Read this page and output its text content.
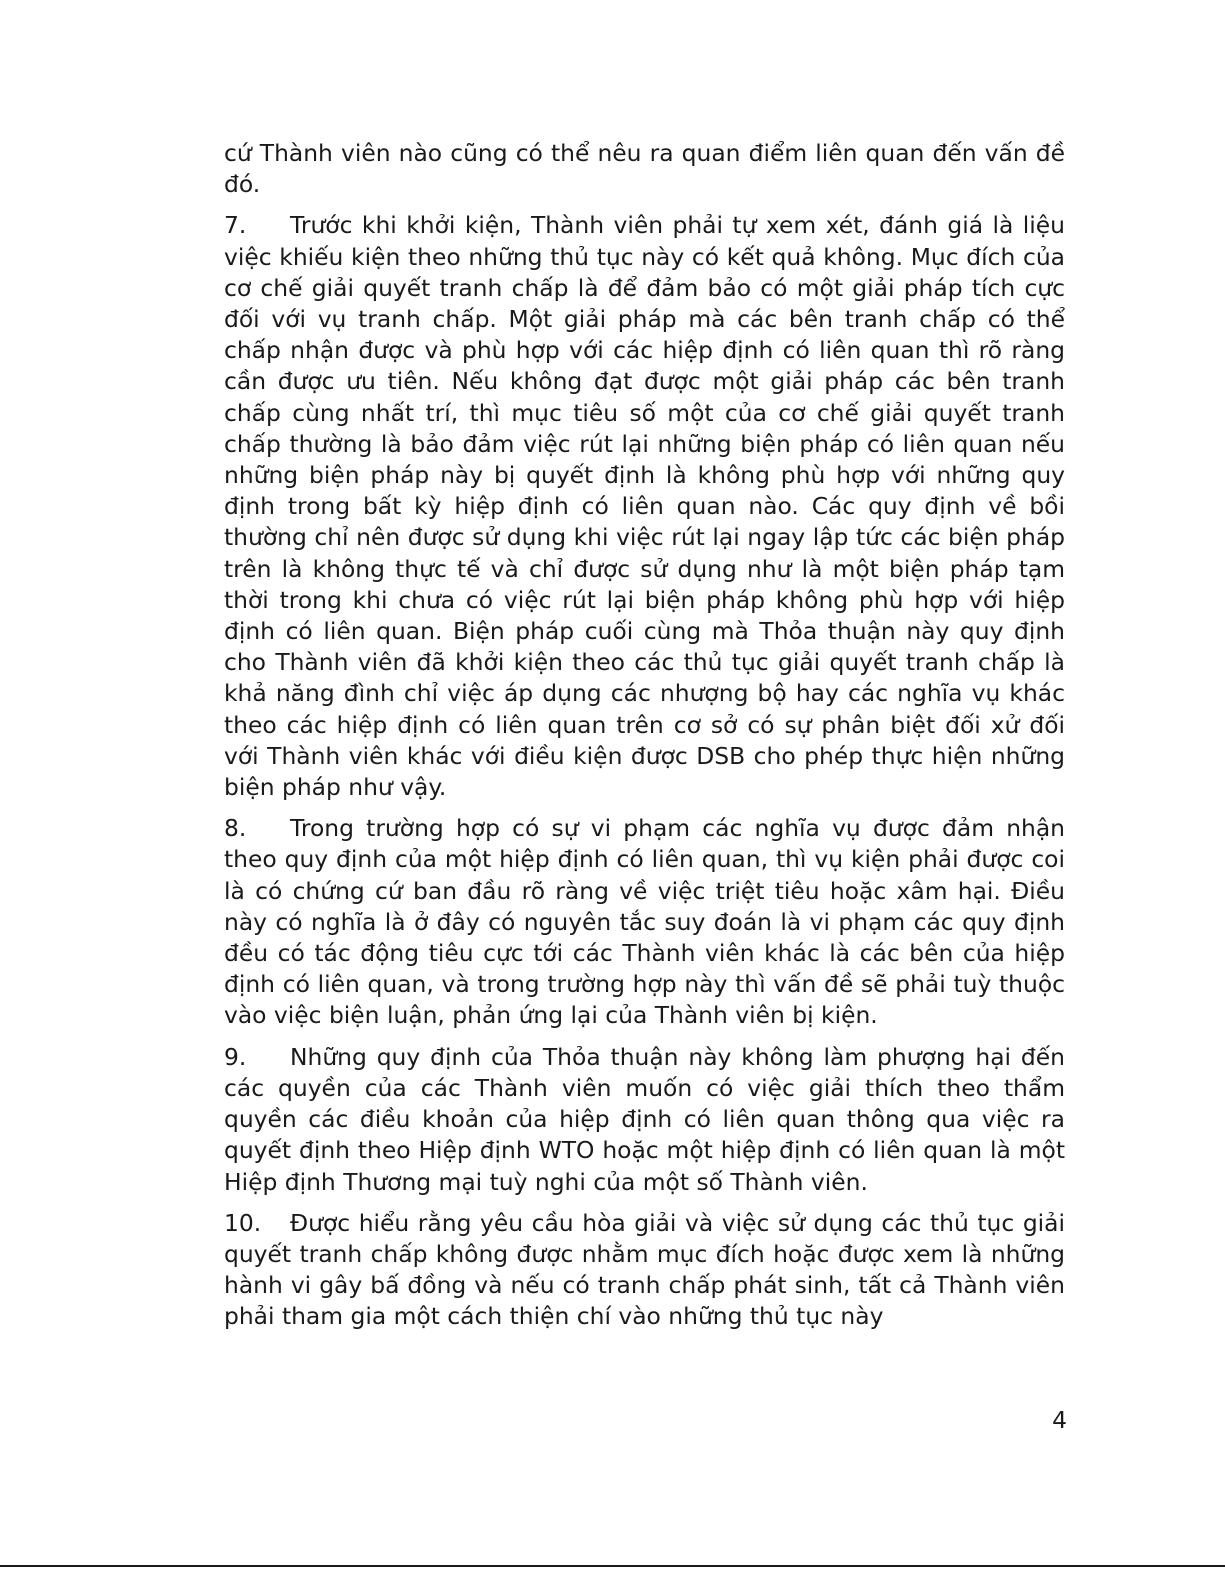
cứ Thành viên nào cũng có thể nêu ra quan điểm liên quan đến vấn đề đó.

7. Trước khi khởi kiện, Thành viên phải tự xem xét, đánh giá là liệu việc khiếu kiện theo những thủ tục này có kết quả không. Mục đích của cơ chế giải quyết tranh chấp là để đảm bảo có một giải pháp tích cực đối với vụ tranh chấp. Một giải pháp mà các bên tranh chấp có thể chấp nhận được và phù hợp với các hiệp định có liên quan thì rõ ràng cần được ưu tiên. Nếu không đạt được một giải pháp các bên tranh chấp cùng nhất trí, thì mục tiêu số một của cơ chế giải quyết tranh chấp thường là bảo đảm việc rút lại những biện pháp có liên quan nếu những biện pháp này bị quyết định là không phù hợp với những quy định trong bất kỳ hiệp định có liên quan nào. Các quy định về bồi thường chỉ nên được sử dụng khi việc rút lại ngay lập tức các biện pháp trên là không thực tế và chỉ được sử dụng như là một biện pháp tạm thời trong khi chưa có việc rút lại biện pháp không phù hợp với hiệp định có liên quan. Biện pháp cuối cùng mà Thỏa thuận này quy định cho Thành viên đã khởi kiện theo các thủ tục giải quyết tranh chấp là khả năng đình chỉ việc áp dụng các nhượng bộ hay các nghĩa vụ khác theo các hiệp định có liên quan trên cơ sở có sự phân biệt đối xử đối với Thành viên khác với điều kiện được DSB cho phép thực hiện những biện pháp như vậy.

8. Trong trường hợp có sự vi phạm các nghĩa vụ được đảm nhận theo quy định của một hiệp định có liên quan, thì vụ kiện phải được coi là có chứng cứ ban đầu rõ ràng về việc triệt tiêu hoặc xâm hại. Điều này có nghĩa là ở đây có nguyên tắc suy đoán là vi phạm các quy định đều có tác động tiêu cực tới các Thành viên khác là các bên của hiệp định có liên quan, và trong trường hợp này thì vấn đề sẽ phải tuỳ thuộc vào việc biện luận, phản ứng lại của Thành viên bị kiện.

9. Những quy định của Thỏa thuận này không làm phượng hại đến các quyền của các Thành viên muốn có việc giải thích theo thẩm quyền các điều khoản của hiệp định có liên quan thông qua việc ra quyết định theo Hiệp định WTO hoặc một hiệp định có liên quan là một Hiệp định Thương mại tuỳ nghi của một số Thành viên.

10. Được hiểu rằng yêu cầu hòa giải và việc sử dụng các thủ tục giải quyết tranh chấp không được nhằm mục đích hoặc được xem là những hành vi gây bấ đồng và nếu có tranh chấp phát sinh, tất cả Thành viên phải tham gia một cách thiện chí vào những thủ tục này

4
